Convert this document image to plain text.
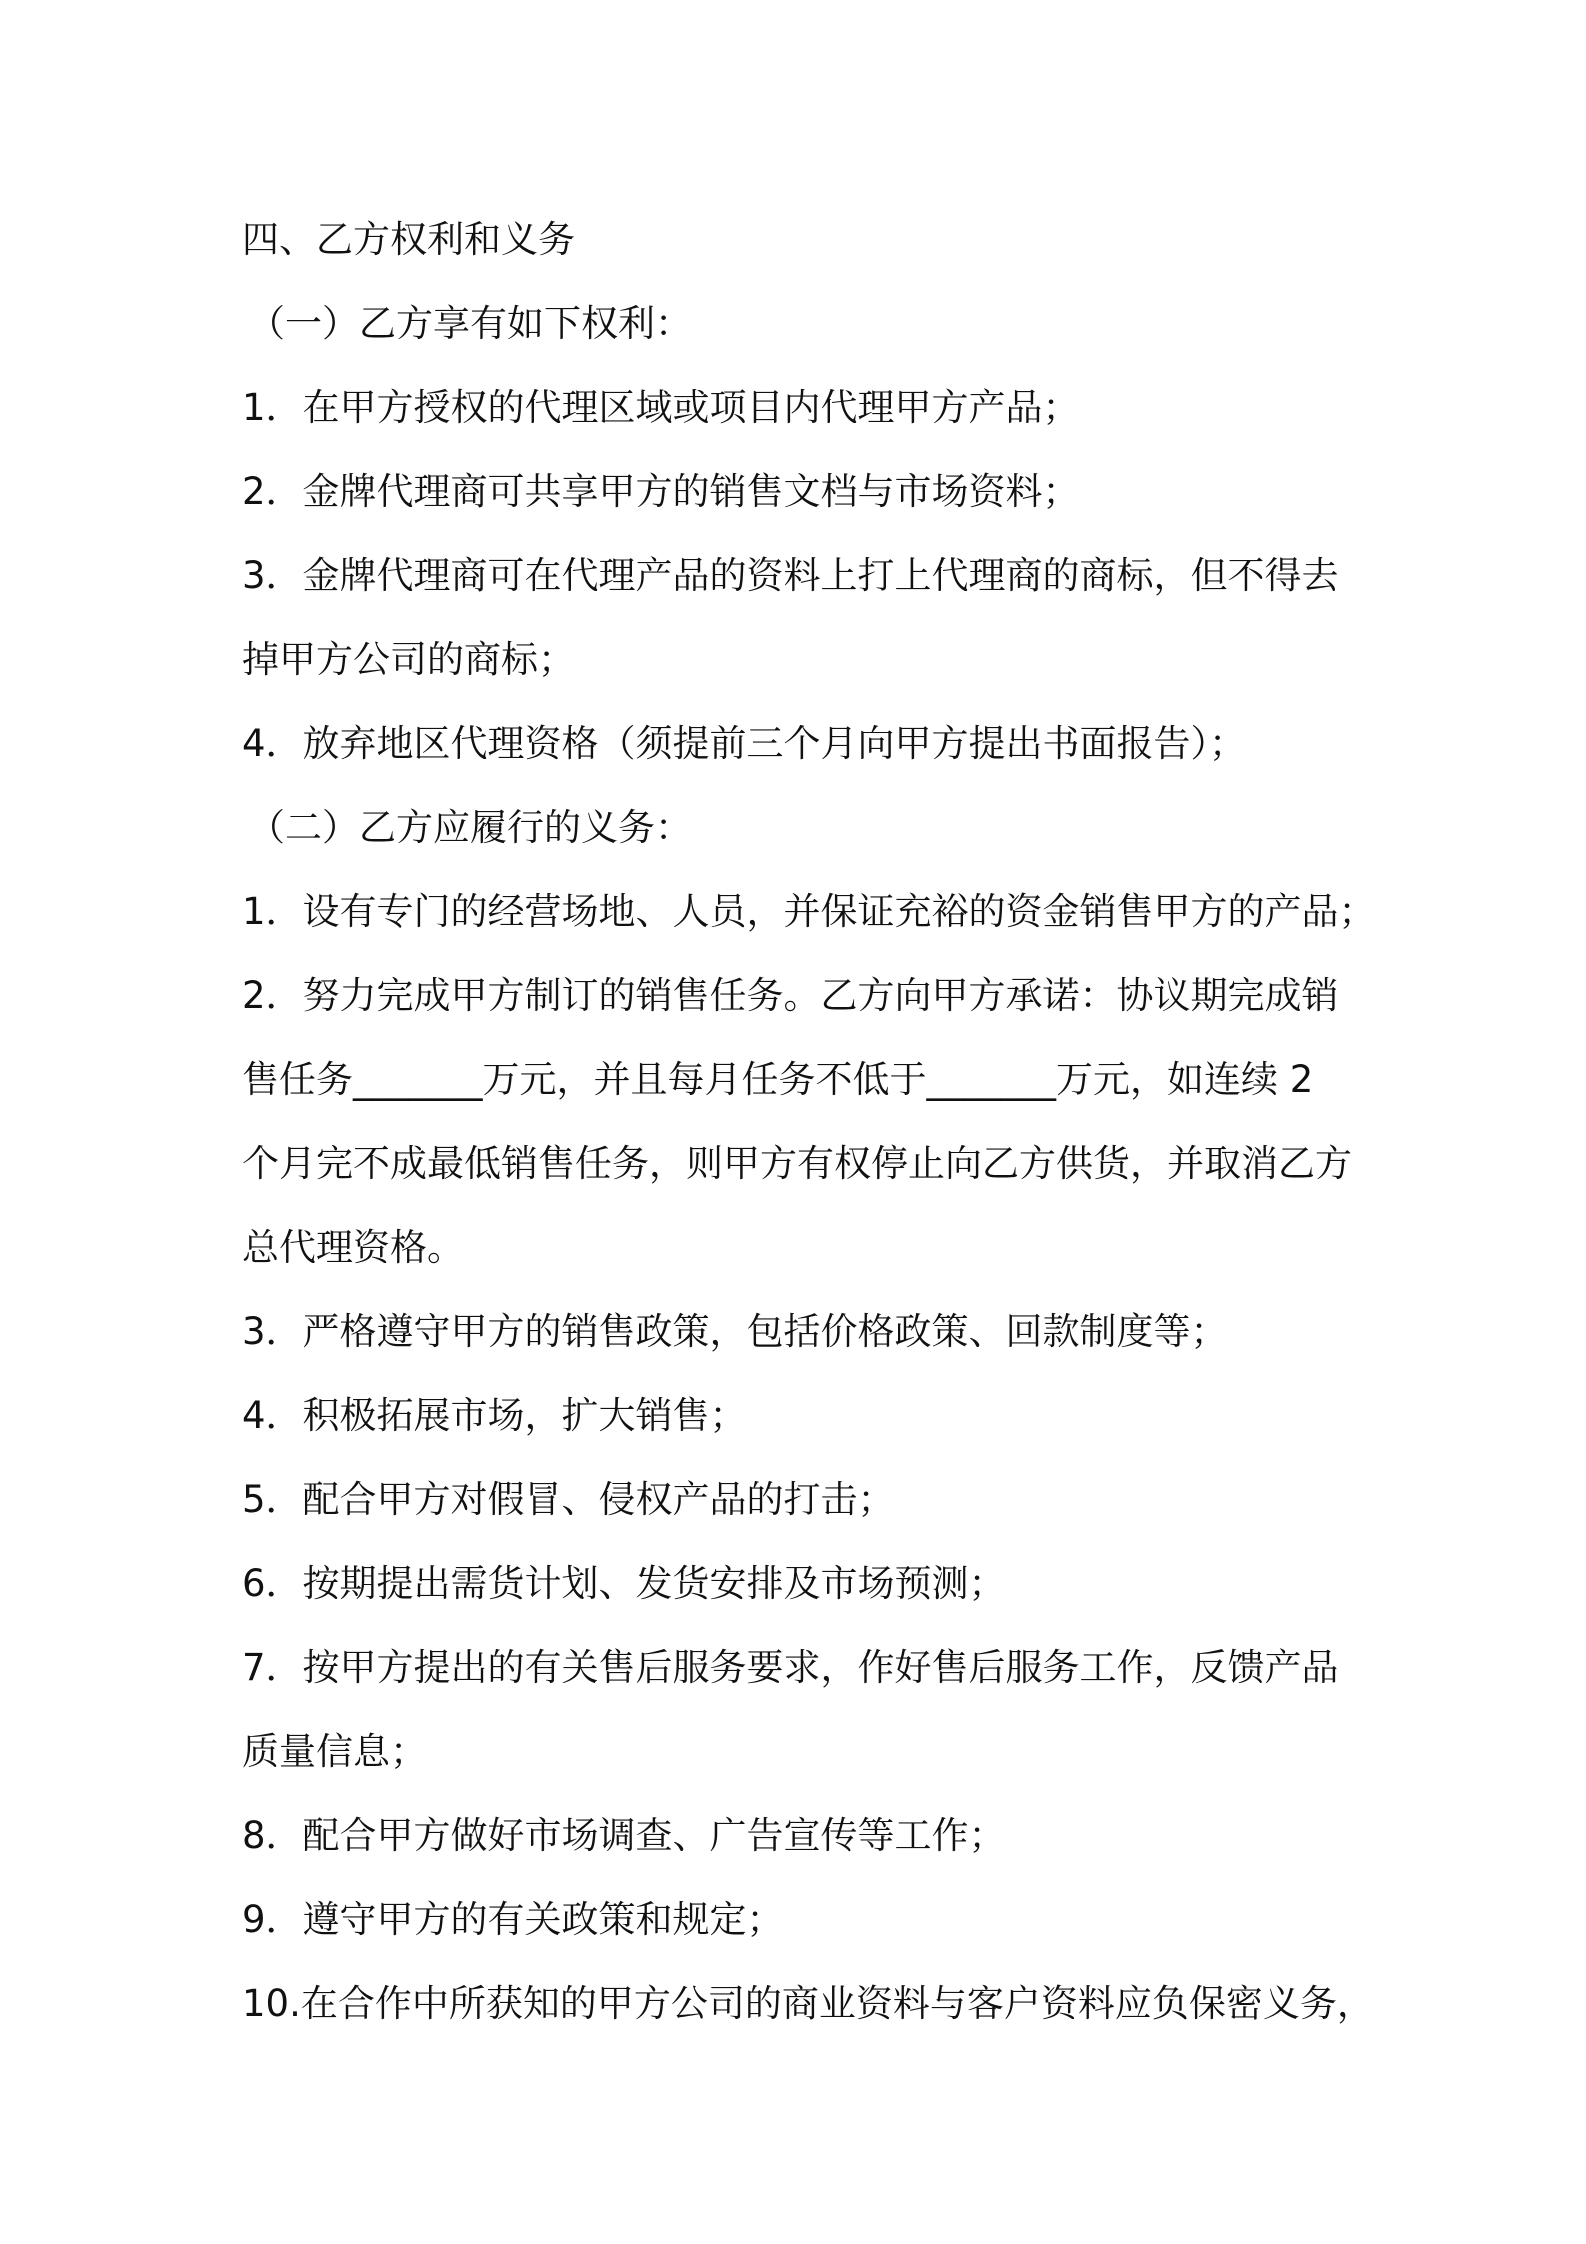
四、乙方权利和义务
（一）乙方享有如下权利：
1．在甲方授权的代理区域或项目内代理甲方产品；
2．金牌代理商可共享甲方的销售文档与市场资料；
3．金牌代理商可在代理产品的资料上打上代理商的商标，但不得去
掉甲方公司的商标；
4．放弃地区代理资格（须提前三个月向甲方提出书面报告）；
（二）乙方应履行的义务：
1．设有专门的经营场地、人员，并保证充裕的资金销售甲方的产品；
2．努力完成甲方制订的销售任务。乙方向甲方承诺：协议期完成销
售任务_______万元，并且每月任务不低于_______万元，如连续 2
个月完不成最低销售任务，则甲方有权停止向乙方供货，并取消乙方
总代理资格。
3．严格遵守甲方的销售政策，包括价格政策、回款制度等；
4．积极拓展市场，扩大销售；
5．配合甲方对假冒、侵权产品的打击；
6．按期提出需货计划、发货安排及市场预测；
7．按甲方提出的有关售后服务要求，作好售后服务工作，反馈产品
质量信息；
8．配合甲方做好市场调查、广告宣传等工作；
9．遵守甲方的有关政策和规定；
10.在合作中所获知的甲方公司的商业资料与客户资料应负保密义务，
